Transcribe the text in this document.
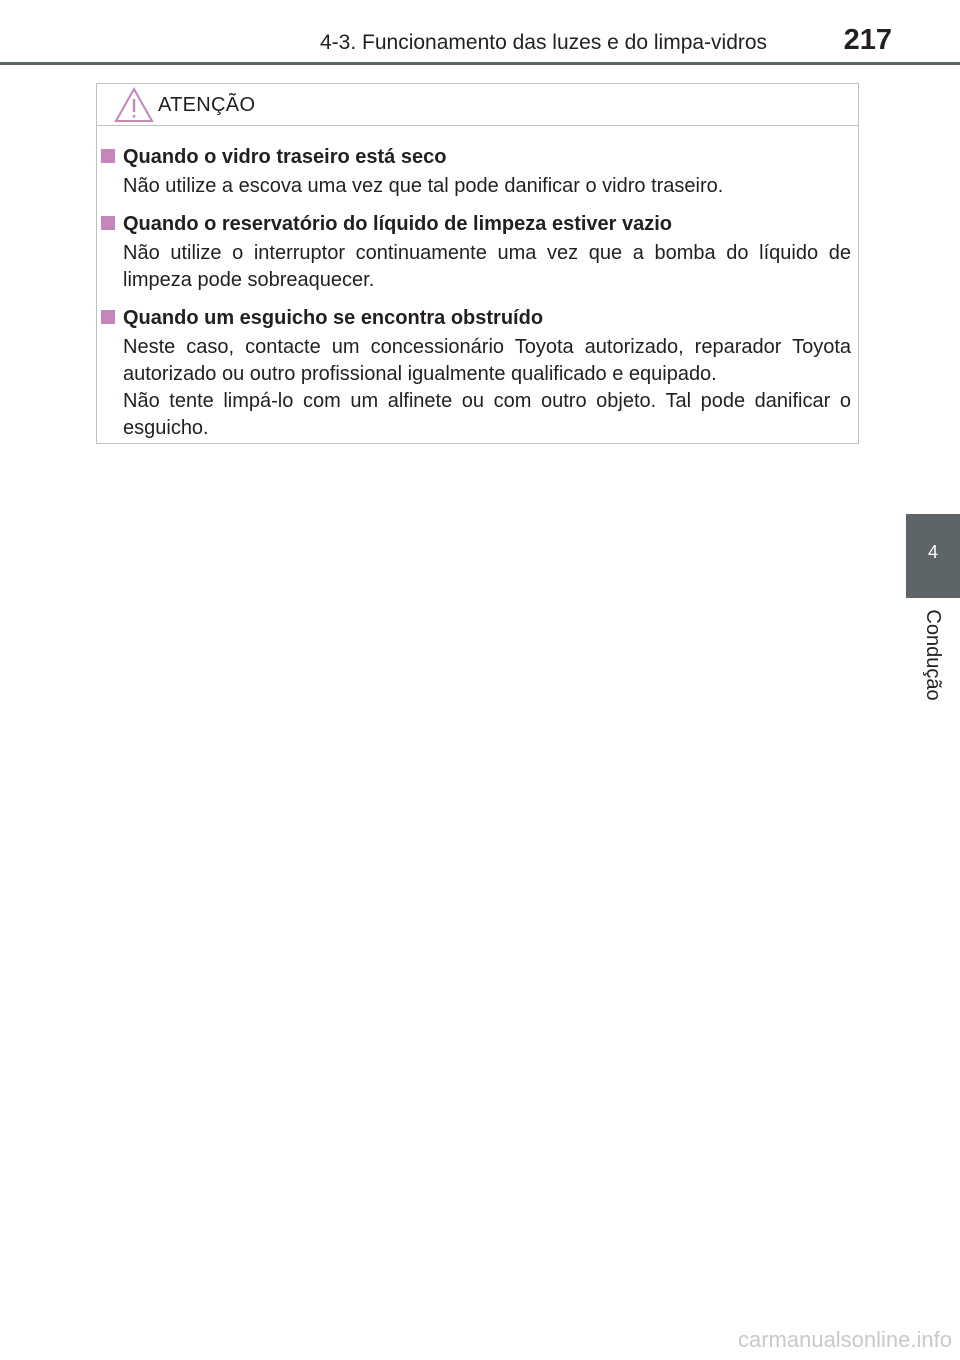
4-3. Funcionamento das luzes e do limpa-vidros	217
ATENÇÃO
Quando o vidro traseiro está seco

Não utilize a escova uma vez que tal pode danificar o vidro traseiro.

Quando o reservatório do líquido de limpeza estiver vazio

Não utilize o interruptor continuamente uma vez que a bomba do líquido de limpeza pode sobreaquecer.

Quando um esguicho se encontra obstruído

Neste caso, contacte um concessionário Toyota autorizado, reparador Toyota autorizado ou outro profissional igualmente qualificado e equipado.

Não tente limpá-lo com um alfinete ou com outro objeto. Tal pode danificar o esguicho.

4
Condução
carmanualsonline.info
